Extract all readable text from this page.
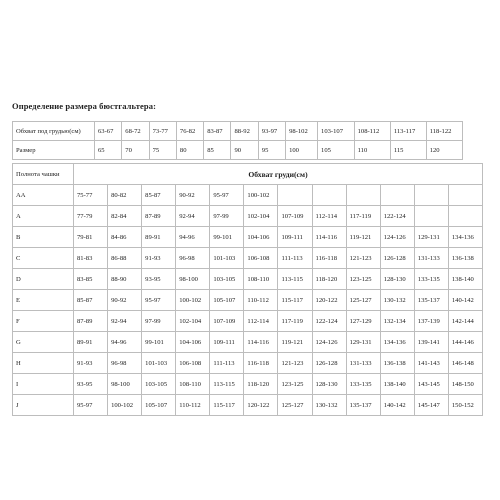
Определение размера бюстгальтера:
Обхват под грудью(см)	63-67	68-72	73-77	76-82	83-87	88-92	93-97	98-102	103-107	108-112	113-117	118-122
Размер	65	70	75	80	85	90	95	100	105	110	115	120
Полнота чашки	Обхват груди(см)											
AA	75-77	80-82	85-87	90-92	95-97	100-102						
A	77-79	82-84	87-89	92-94	97-99	102-104	107-109	112-114	117-119	122-124		
B	79-81	84-86	89-91	94-96	99-101	104-106	109-111	114-116	119-121	124-126	129-131	134-136
C	81-83	86-88	91-93	96-98	101-103	106-108	111-113	116-118	121-123	126-128	131-133	136-138
D	83-85	88-90	93-95	98-100	103-105	108-110	113-115	118-120	123-125	128-130	133-135	138-140
E	85-87	90-92	95-97	100-102	105-107	110-112	115-117	120-122	125-127	130-132	135-137	140-142
F	87-89	92-94	97-99	102-104	107-109	112-114	117-119	122-124	127-129	132-134	137-139	142-144
G	89-91	94-96	99-101	104-106	109-111	114-116	119-121	124-126	129-131	134-136	139-141	144-146
H	91-93	96-98	101-103	106-108	111-113	116-118	121-123	126-128	131-133	136-138	141-143	146-148
I	93-95	98-100	103-105	108-110	113-115	118-120	123-125	128-130	133-135	138-140	143-145	148-150
J	95-97	100-102	105-107	110-112	115-117	120-122	125-127	130-132	135-137	140-142	145-147	150-152
